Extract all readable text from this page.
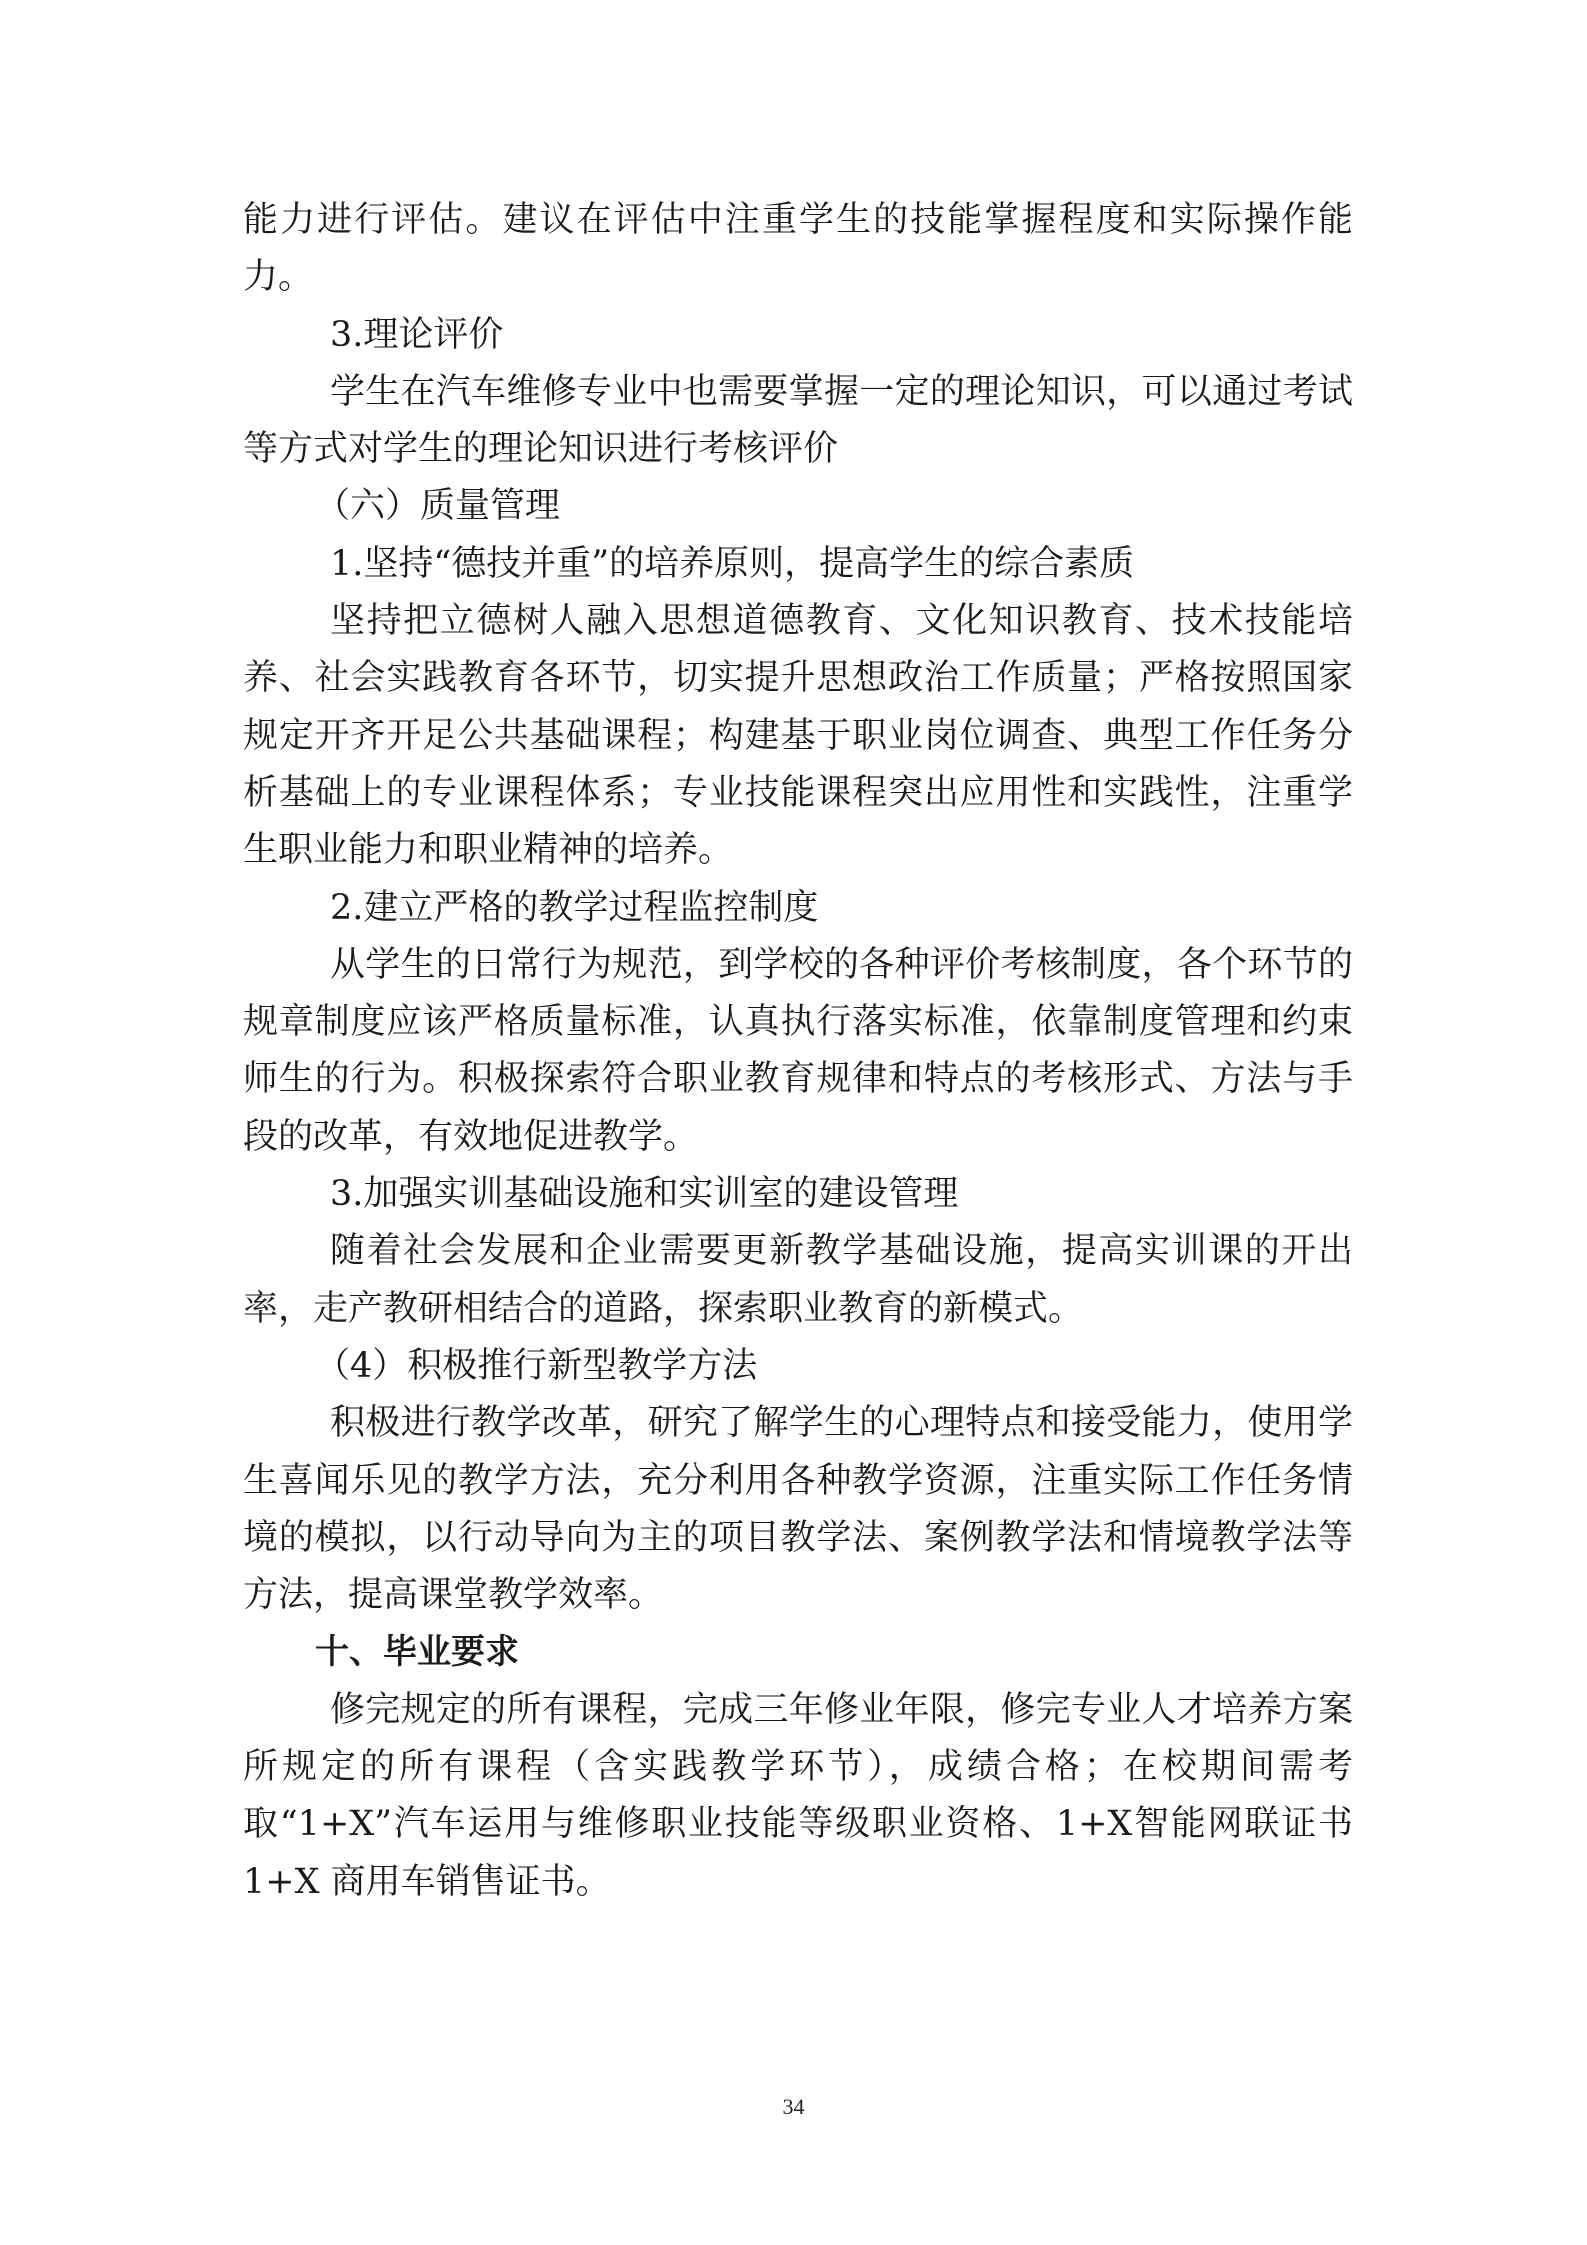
能力进行评估。建议在评估中注重学生的技能掌握程度和实际操作能力。

3.理论评价

学生在汽车维修专业中也需要掌握一定的理论知识，可以通过考试等方式对学生的理论知识进行考核评价

（六）质量管理

1.坚持“德技并重”的培养原则，提高学生的综合素质

坚持把立德树人融入思想道德教育、文化知识教育、技术技能培养、社会实践教育各环节，切实提升思想政治工作质量；严格按照国家规定开齐开足公共基础课程；构建基于职业岗位调查、典型工作任务分析基础上的专业课程体系；专业技能课程突出应用性和实践性，注重学生职业能力和职业精神的培养。

2.建立严格的教学过程监控制度

从学生的日常行为规范，到学校的各种评价考核制度，各个环节的规章制度应该严格质量标准，认真执行落实标准，依靠制度管理和约束师生的行为。积极探索符合职业教育规律和特点的考核形式、方法与手段的改革，有效地促进教学。

3.加强实训基础设施和实训室的建设管理

随着社会发展和企业需要更新教学基础设施，提高实训课的开出率，走产教研相结合的道路，探索职业教育的新模式。

（4）积极推行新型教学方法

积极进行教学改革，研究了解学生的心理特点和接受能力，使用学生喜闻乐见的教学方法，充分利用各种教学资源，注重实际工作任务情境的模拟，以行动导向为主的项目教学法、案例教学法和情境教学法等方法，提高课堂教学效率。

十、毕业要求

修完规定的所有课程，完成三年修业年限，修完专业人才培养方案所规定的所有课程（含实践教学环节），成绩合格；在校期间需考取“1+X”汽车运用与维修职业技能等级职业资格、1+X智能网联证书 1+X 商用车销售证书。

34
